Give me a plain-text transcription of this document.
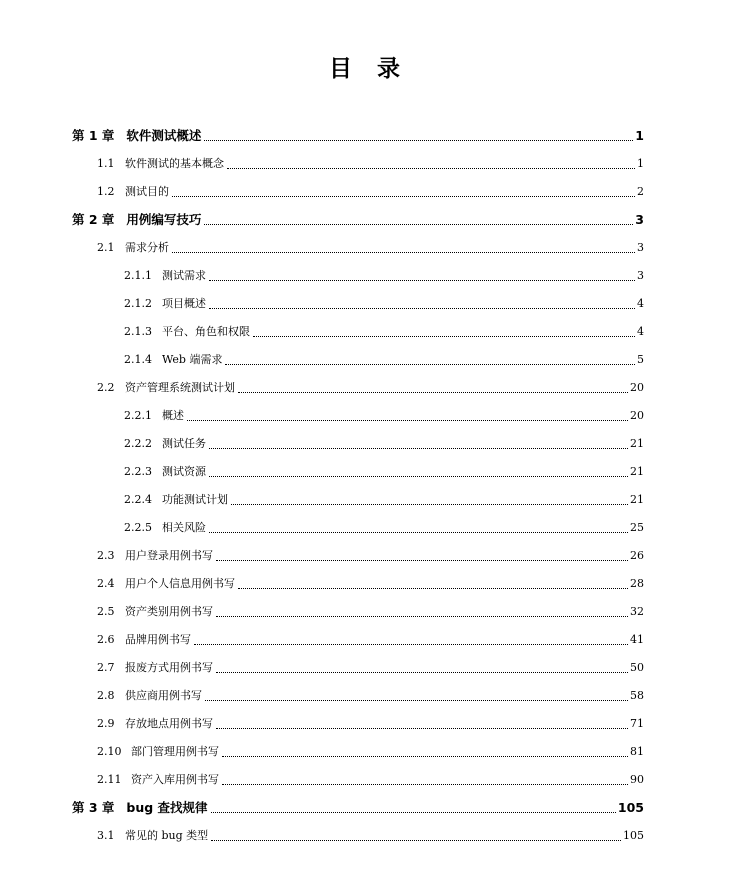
目　录
第 1 章 软件测试概述	1
1.1 软件测试的基本概念	1
1.2 测试目的	2
第 2 章 用例编写技巧	3
2.1 需求分析	3
2.1.1 测试需求	3
2.1.2 项目概述	4
2.1.3 平台、角色和权限	4
2.1.4 Web 端需求	5
2.2 资产管理系统测试计划	20
2.2.1 概述	20
2.2.2 测试任务	21
2.2.3 测试资源	21
2.2.4 功能测试计划	21
2.2.5 相关风险	25
2.3 用户登录用例书写	26
2.4 用户个人信息用例书写	28
2.5 资产类别用例书写	32
2.6 品牌用例书写	41
2.7 报废方式用例书写	50
2.8 供应商用例书写	58
2.9 存放地点用例书写	71
2.10 部门管理用例书写	81
2.11 资产入库用例书写	90
第 3 章 bug 查找规律	105
3.1 常见的 bug 类型	105
